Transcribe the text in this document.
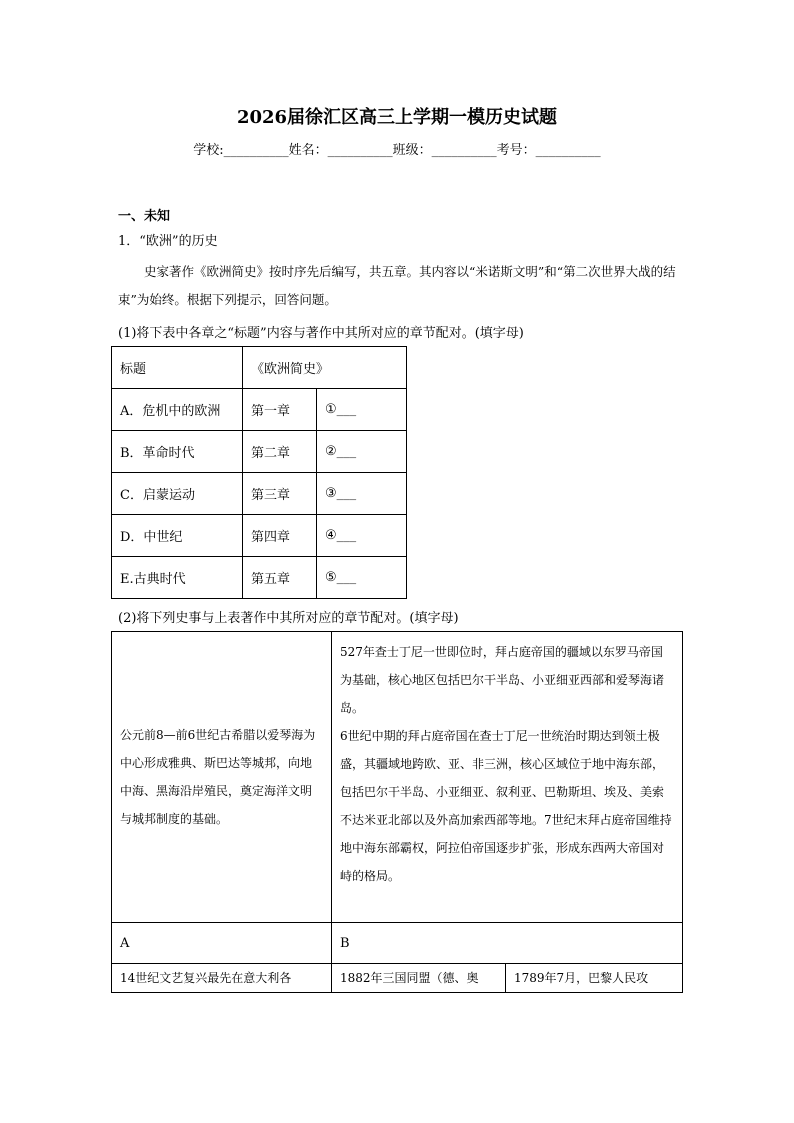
2026届徐汇区高三上学期一模历史试题
学校:__________姓名：__________班级：__________考号：__________
一、未知
1．“欧洲”的历史
史家著作《欧洲简史》按时序先后编写，共五章。其内容以“米诺斯文明”和“第二次世界大战的结束”为始终。根据下列提示，回答问题。
(1)将下表中各章之“标题”内容与著作中其所对应的章节配对。(填字母)
标题	《欧洲简史》	
A．危机中的欧洲	第一章	①___
B．革命时代	第二章	②___
C．启蒙运动	第三章	③___
D．中世纪	第四章	④___
E.古典时代	第五章	⑤___
(2)将下列史事与上表著作中其所对应的章节配对。(填字母)
公元前8—前6世纪古希腊以爱琴海为中心形成雅典、斯巴达等城邦，向地中海、黑海沿岸殖民，奠定海洋文明与城邦制度的基础。	527年查士丁尼一世即位时，拜占庭帝国的疆域以东罗马帝国为基础，核心地区包括巴尔干半岛、小亚细亚西部和爱琴海诸岛。
6世纪中期的拜占庭帝国在查士丁尼一世统治时期达到领土极盛，其疆域地跨欧、亚、非三洲，核心区域位于地中海东部，包括巴尔干半岛、小亚细亚、叙利亚、巴勒斯坦、埃及、美索不达米亚北部以及外高加索西部等地。7世纪末拜占庭帝国维持地中海东部霸权，阿拉伯帝国逐步扩张，形成东西两大帝国对峙的格局。	

A	B	
14世纪文艺复兴最先在意大利各	1882年三国同盟（德、奥	1789年7月，巴黎人民攻
